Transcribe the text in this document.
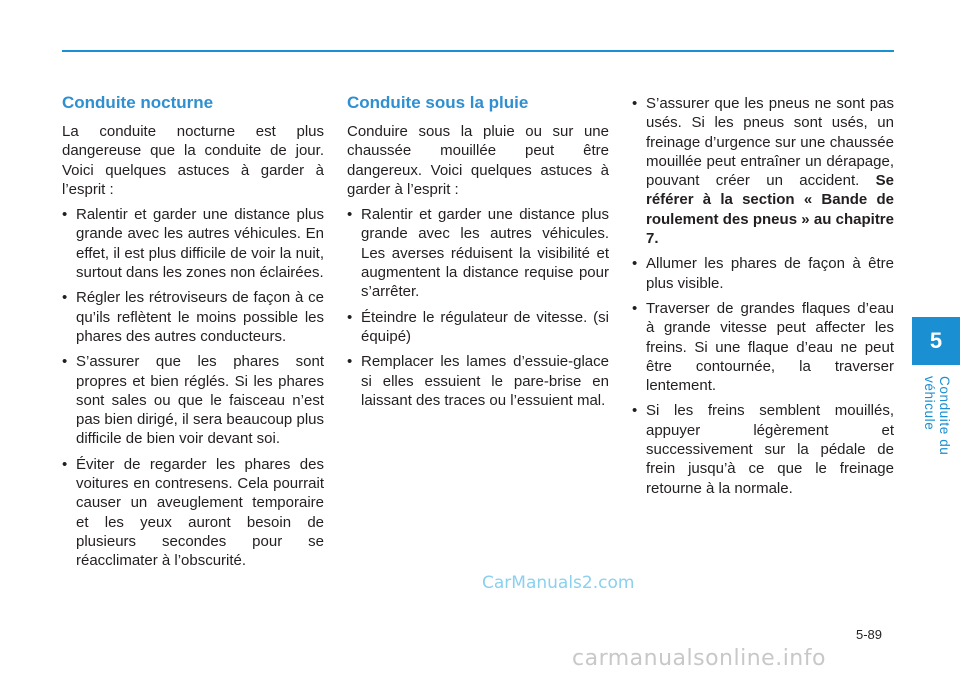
Conduite nocturne

La conduite nocturne est plus dangereuse que la conduite de jour. Voici quelques astuces à garder à l’esprit :

• Ralentir et garder une distance plus grande avec les autres véhicules. En effet, il est plus difficile de voir la nuit, surtout dans les zones non éclairées.
• Régler les rétroviseurs de façon à ce qu’ils reflètent le moins possible les phares des autres conducteurs.
• S’assurer que les phares sont propres et bien réglés. Si les phares sont sales ou que le faisceau n’est pas bien dirigé, il sera beaucoup plus difficile de bien voir devant soi.
• Éviter de regarder les phares des voitures en contresens. Cela pourrait causer un aveuglement temporaire et les yeux auront besoin de plusieurs secondes pour se réacclimater à l’obscurité.
Conduite sous la pluie

Conduire sous la pluie ou sur une chaussée mouillée peut être dangereux. Voici quelques astuces à garder à l’esprit :

• Ralentir et garder une distance plus grande avec les autres véhicules. Les averses réduisent la visibilité et augmentent la distance requise pour s’arrêter.
• Éteindre le régulateur de vitesse. (si équipé)
• Remplacer les lames d’essuie-glace si elles essuient le pare-brise en laissant des traces ou l’essuient mal.
• S’assurer que les pneus ne sont pas usés. Si les pneus sont usés, un freinage d’urgence sur une chaussée mouillée peut entraîner un dérapage, pouvant créer un accident. Se référer à la section « Bande de roulement des pneus » au chapitre 7.
• Allumer les phares de façon à être plus visible.
• Traverser de grandes flaques d’eau à grande vitesse peut affecter les freins. Si une flaque d’eau ne peut être contournée, la traverser lentement.
• Si les freins semblent mouillés, appuyer légèrement et successivement sur la pédale de frein jusqu’à ce que le freinage retourne à la normale.
5
Conduite du véhicule
CarManuals2.com
5-89
carmanualsonline.info
